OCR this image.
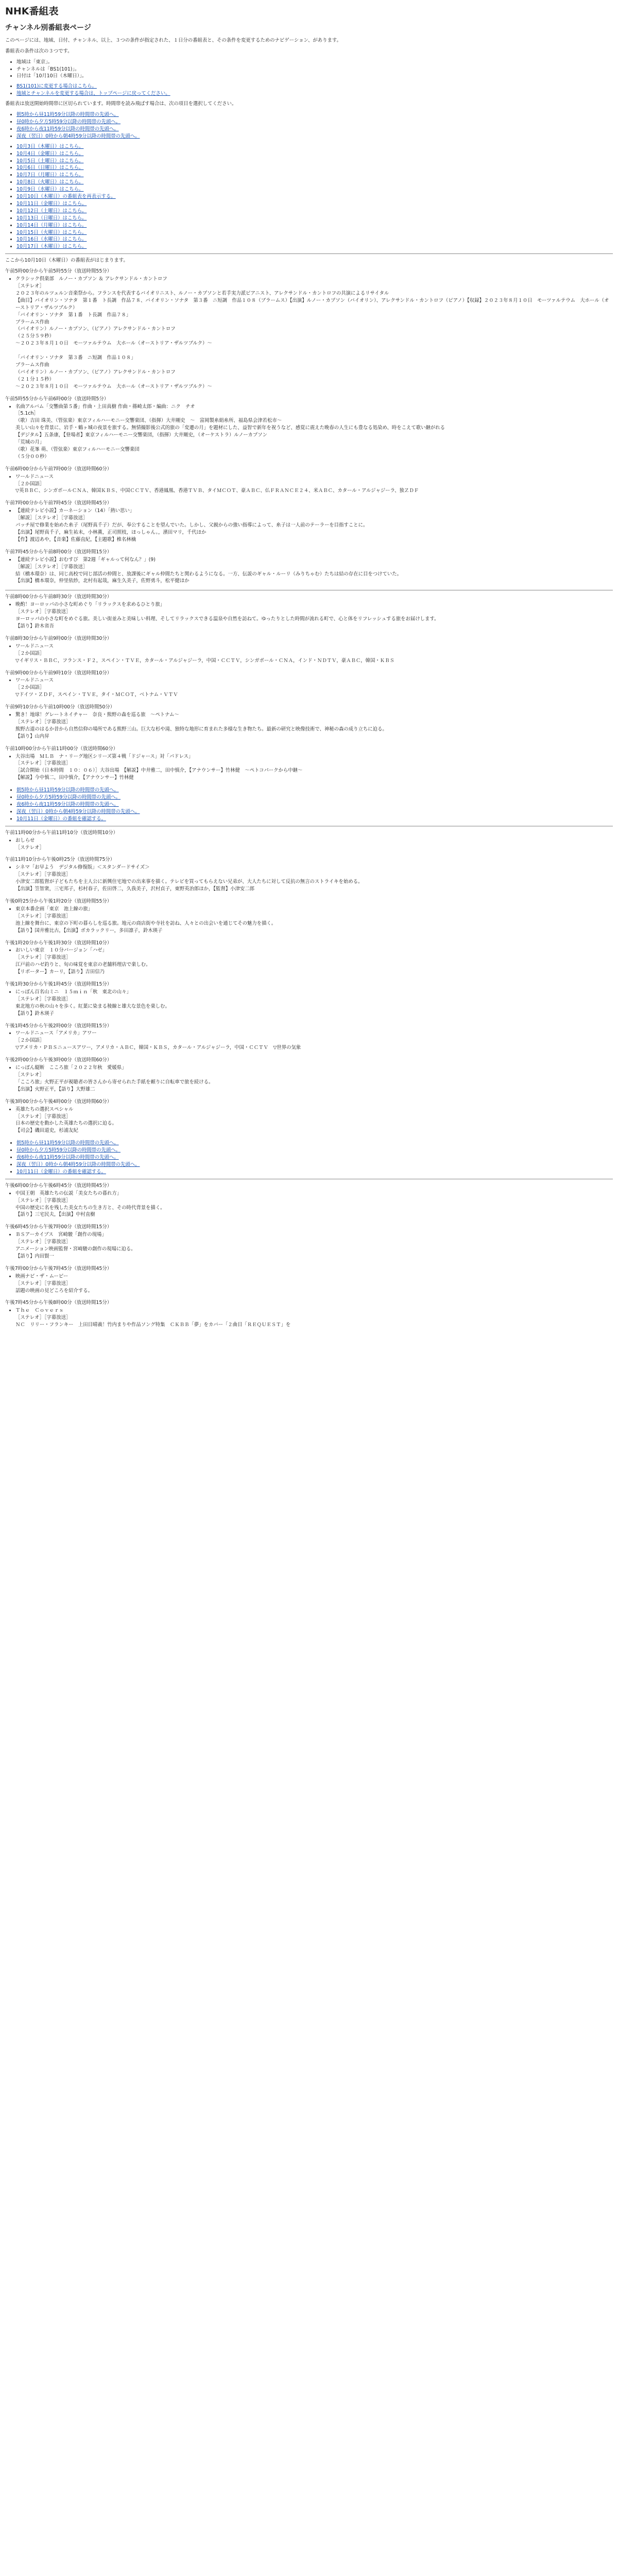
NHK番組表
チャンネル別番組表ページ

このページには、地域、日付、チャンネル、以上、３つの条件が指定された、１日分の番組表と、その条件を変更するためのナビゲーション、があります。

番組表の条件は次の３つです。

• 地域は「東京」。
• チャンネルは「BS1(101)」。
• 日付は「10月10日（木曜日）」。
• BS1(101)に変更する場合はこちら。
• 地域とチャンネルを変更する場合は、トップページに戻ってください。

番組表は放送開始時間帯に区切られています。時間帯を読み飛ばす場合は、次の項目を選択してください。

• 朝5時から昼11時59分以降の時間帯の先頭へ。
• 昼0時から夕方5時59分以降の時間帯の先頭へ。
• 夜6時から夜11時59分以降の時間帯の先頭へ。
• 深夜（翌日）0時から朝4時59分以降の時間帯の先頭へ。
• 10月3日（木曜日）はこちら。
• 10月4日（金曜日）はこちら。
• 10月5日（土曜日）はこちら。
• 10月6日（日曜日）はこちら。
• 10月7日（月曜日）はこちら。
• 10月8日（火曜日）はこちら。
• 10月9日（水曜日）はこちら。
• 10月10日（木曜日）の番組表を再表示する。
• 10月11日（金曜日）はこちら。
• 10月12日（土曜日）はこちら。
• 10月13日（日曜日）はこちら。
• 10月14日（月曜日）はこちら。
• 10月15日（火曜日）はこちら。
• 10月16日（水曜日）はこちら。
• 10月17日（木曜日）はこちら。

ここから10月10日（木曜日）の番組表がはじまります。

午前5時00分から午前5時55分（放送時間55分）
• クラシック倶楽部　ルノー・カプソン ＆ アレクサンドル・カントロフ
［ステレオ］
２０２３年のルツェルン音楽祭から。フランスを代表するバイオリニスト、ルノー・カプソンと若手実力派ピアニスト、アレクサンドル・カントロフの共演によるリサイタル
【曲目】バイオリン・ソナタ　第１番　ト長調　作品７８、バイオリン・ソナタ　第３番　ニ短調　作品１０８（ブラームス）【出演】ルノー・カプソン（バイオリン）、アレクサンドル・カントロフ（ピアノ）【収録】２０２３年８月１０日　モーツァルテウム　大ホール（オーストリア・ザルツブルク）
「バイオリン・ソナタ　第１番　ト長調　作品７８」
ブラームス作曲
（バイオリン）ルノー・カプソン、（ピアノ）アレクサンドル・カントロフ
（２５分５９秒）
～２０２３年８月１０日　モーツァルテウム　大ホール（オーストリア・ザルツブルク）～

「バイオリン・ソナタ　第３番　ニ短調　作品１０８」
ブラームス作曲
（バイオリン）ルノー・カプソン、（ピアノ）アレクサンドル・カントロフ
（２１分１５秒）
～２０２３年８月１０日　モーツァルテウム　大ホール（オーストリア・ザルツブルク）～
午前5時55分から午前6時00分（放送時間5分）
• 名曲アルバム「交響曲第５番」作曲・上田真樹 作曲・篠崎太郎・編曲：ニク　チオ
［5.1ch］
（歌）吉田 珠美、（管弦楽）東京フィルハーモニー交響楽団、（指揮）大井剛史　～　富岡製糸絹糸所、福島県会津若松市～
美しい山々を背景に、岩手・鶴ヶ城の夜景を旅する。無情撮影後公式的旅の「変遷の月」を題材にした、益智で新年を祝うなど、感覚に震えた晩春の人生にも豊なる処染め、時をこえて歌い継がれる
【デジタル】五条康，【登場者】東京フィルハーモニー交響楽団，（指揮）大井剛史，（オーケストラ）ルノーカプソン
「荒城の月」
（歌）花峯 萌、（管弦楽）東京フィルハーモニー交響楽団
（５分００秒）
午前6時00分から午前7時00分（放送時間60分）
• ワールドニュース
［２か国語］
▽英ＢＢＣ、シンガポールＣＮＡ、韓国ＫＢＳ、中国ＣＣＴＶ、香港鳳凰、香港ＴＶＢ、タイＭＣＯＴ、豪ＡＢＣ、仏ＦＲＡＮＣＥ２４、米ＡＢＣ、カタール・アルジャジーラ、独ＺＤＦ
午前7時00分から午前7時45分（放送時間45分）
• 【連続テレビ小説】カーネーション（14）「熱い思い」
［解説］［ステレオ］［字幕放送］
パッチ屋で修業を始めた糸子（尾野真千子）だが、奉公することを望んでいた。しかし、父親からの強い指導によって、糸子は一人前のテーラーを目指すことに。
【出演】尾野真千子，麻生祐未，小林薫，正司照枝，ほっしゃん。，濱田マリ，千代ほか
【作】渡辺あや，【音楽】佐藤直紀，【主題歌】椎名林檎
午前7時45分から午前8時00分（放送時間15分）
• 【連続テレビ小説】おむすび　第2週「ギャルって何なん？」(9)
［解説］［ステレオ］［字幕放送］
結（橋本環奈）は、同じ高校で同じ部活の仲間と、放課後にギャル仲間たちと関わるようになる。一方、伝説のギャル・ルーリ（みりちゃむ）たちは結の存在に目をつけていた。
【出演】橋本環奈，仲里依紗，北村有起哉，麻生久美子，佐野勇斗，松平健ほか
午前8時00分から午前8時30分（放送時間30分）
• 晩酌！ヨーロッパの小さな町めぐり「リラックスを求めるひとり旅」
［ステレオ］［字幕放送］
ヨーロッパの小さな町をめぐる旅。美しい街並みと美味しい料理、そしてリラックスできる温泉や自然を訪ねて。ゆったりとした時間が流れる町で、心と体をリフレッシュする旅をお届けします。
【語り】鈴木省吾
午前8時30分から午前9時00分（放送時間30分）
• ワールドニュース
［２か国語］
▽イギリス・ＢＢＣ，フランス・Ｆ２，スペイン・ＴＶＥ，カタール・アルジャジーラ，中国・ＣＣＴＶ，シンガポール・ＣＮＡ，インド・ＮＤＴＶ，豪ＡＢＣ，韓国・ＫＢＳ
午前9時00分から午前9時10分（放送時間10分）
• ワールドニュース
［２か国語］
▽ドイツ・ＺＤＦ，スペイン・ＴＶＥ，タイ・ＭＣＯＴ，ベトナム・ＶＴＶ
午前9時10分から午前10時00分（放送時間50分）
• 驚き！地球！グレートネイチャー　奈良・熊野の森を巡る旅　～ペトナム～
［ステレオ］［字幕放送］
熊野古道のはるか昔から自然信仰の場所である熊野三山。巨大な杉や滝、独特な地形に育まれた多様な生き物たち。最新の研究と映像技術で、神秘の森の成り立ちに迫る。
【語り】山内昇
午前10時00分から午前11時00分（放送時間60分）
• 大谷出場　ＭＬＢ　ナ・リーグ地区シリーズ第４戦「ドジャース」対「パドレス」
［ステレオ］［字幕放送］
［試合開始（日本時間　１０：０６）］大谷出場　【解説】中井雅二，田中慎介，【アナウンサー】竹林健　～ペトコパークから中継～
【解説】今中慎二，田中慎介，【アナウンサー】竹林健
• 朝5時から昼11時59分以降の時間帯の先頭へ。
• 昼0時から夕方5時59分以降の時間帯の先頭へ。
• 夜6時から夜11時59分以降の時間帯の先頭へ。
• 深夜（翌日）0時から朝4時59分以降の時間帯の先頭へ。
• 10月11日（金曜日）の番組を確認する。
午前11時00分から午前11時10分（放送時間10分）
• おしらせ
［ステレオ］
午前11時10分から午後0時25分（放送時間75分）
• シネマ「お早よう　デジタル修復版」＜スタンダードサイズ＞
［ステレオ］［字幕放送］
小津安二郎監督が子どもたちを主人公に新興住宅地での出来事を描く。テレビを買ってもらえない兄弟が、大人たちに対して反抗の無言のストライキを始める。
【出演】笠智衆，三宅邦子，杉村春子，佐田啓二，久我美子，沢村貞子，東野英治郎ほか，【監督】小津安二郎
午後0時25分から午後1時20分（放送時間55分）
• 東京本番企画「東京　池上線の旅」
［ステレオ］［字幕放送］
池上線を舞台に、東京の下町の暮らしを巡る旅。地元の商店街や寺社を訪ね、人々との出会いを通じてその魅力を描く。
【語り】国井雅比古，【出演】ボカラックリー，多田凛子，鈴木瑛子
午後1時20分から午後1時30分（放送時間10分）
• おいしい東京　１０分バージョン「ハゼ」
［ステレオ］［字幕放送］
江戸前のハゼ釣りと、旬の味覚を東京の老舗料理店で楽しむ。
【リポーター】カーリ，【語り】吉田信乃
午後1時30分から午後1時45分（放送時間15分）
• にっぽん百名山ミニ　１５ｍｉｎ「秋　東北の山々」
［ステレオ］［字幕放送］
東北地方の秋の山々を歩く。紅葉に染まる稜線と雄大な景色を楽しむ。
【語り】鈴木瑛子
午後1時45分から午後2時00分（放送時間15分）
• ワールドニュース「アメリカ」アワー
［２か国語］
▽アメリカ・ＰＢＳニュースアワー，アメリカ・ＡＢＣ，韓国・ＫＢＳ，カタール・アルジャジーラ，中国・ＣＣＴＶ　▽世界の気象
午後2時00分から午後3時00分（放送時間60分）
• にっぽん縦断　こころ旅「２０２２年秋　愛媛県」
［ステレオ］
「こころ旅」火野正平が視聴者の皆さんから寄せられた手紙を頼りに自転車で旅を続ける。
【出演】火野正平，【語り】大野雄二
午後3時00分から午後4時00分（放送時間60分）
• 英雄たちの選択スペシャル
［ステレオ］［字幕放送］
日本の歴史を動かした英雄たちの選択に迫る。
【司会】磯田道史，杉浦友紀
• 朝5時から昼11時59分以降の時間帯の先頭へ。
• 昼0時から夕方5時59分以降の時間帯の先頭へ。
• 夜6時から夜11時59分以降の時間帯の先頭へ。
• 深夜（翌日）0時から朝4時59分以降の時間帯の先頭へ。
• 10月11日（金曜日）の番組を確認する。
午後6時00分から午後6時45分（放送時間45分）
• 中国王朝　英雄たちの伝説「美女たちの暮れ方」
［ステレオ］［字幕放送］
中国の歴史に名を残した美女たちの生き方と、その時代背景を描く。
【語り】三宅民夫，【出演】中村直樹
午後6時45分から午後7時00分（放送時間15分）
• ＢＳアーカイブス　宮崎駿「創作の現場」
［ステレオ］［字幕放送］
アニメーション映画監督・宮崎駿の創作の現場に迫る。
【語り】内田賢一
午後7時00分から午後7時45分（放送時間45分）
• 映画ナビ・ザ・ムービー
［ステレオ］［字幕放送］
話題の映画の見どころを紹介する。
午後7時45分から午後8時00分（放送時間15分）
• Ｔｈｅ　Ｃｏｖｅｒｓ
［ステレオ］［字幕放送］
ＮＣ　リリー・フランキー　上田目晴義！竹内まりや作品ソング特集　ＣＫＢＢ「夢」をカバー「２曲目「ＲＥＱＵＥＳＴ」を
